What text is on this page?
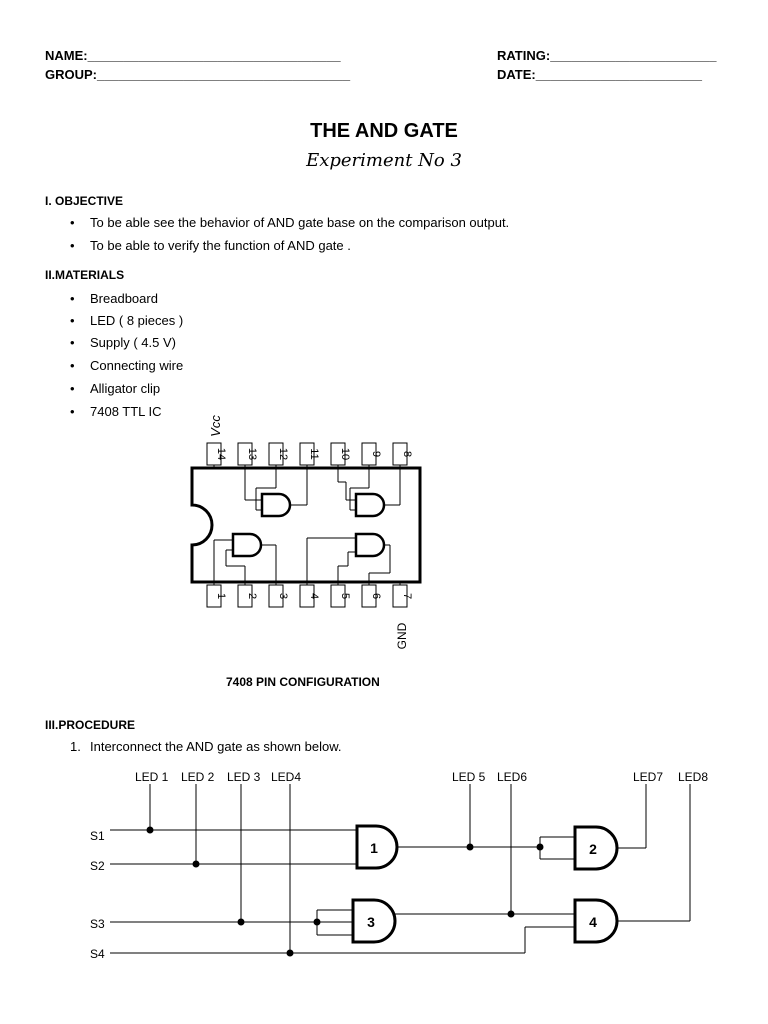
NAME:___________________________________
GROUP:___________________________________
RATING:_______________________
DATE:_______________________
THE AND GATE
Experiment No 3
I. OBJECTIVE
• To be able see the behavior of AND gate base on the comparison output.
• To be able to verify the function of AND gate .
II.MATERIALS
• Breadboard
• LED ( 8 pieces )
• Supply ( 4.5 V)
• Connecting wire
• Alligator clip
• 7408 TTL IC
Vcc
14 13 12 11 10 9 8
1 2 3 4 5 6 7
GND
7408 PIN CONFIGURATION
III.PROCEDURE
1. Interconnect the AND gate as shown below.
LED 1 LED 2 LED 3 LED4	LED 5 LED6	LED7 LED8
S1
S2
S3
S4
1	2
3	4
